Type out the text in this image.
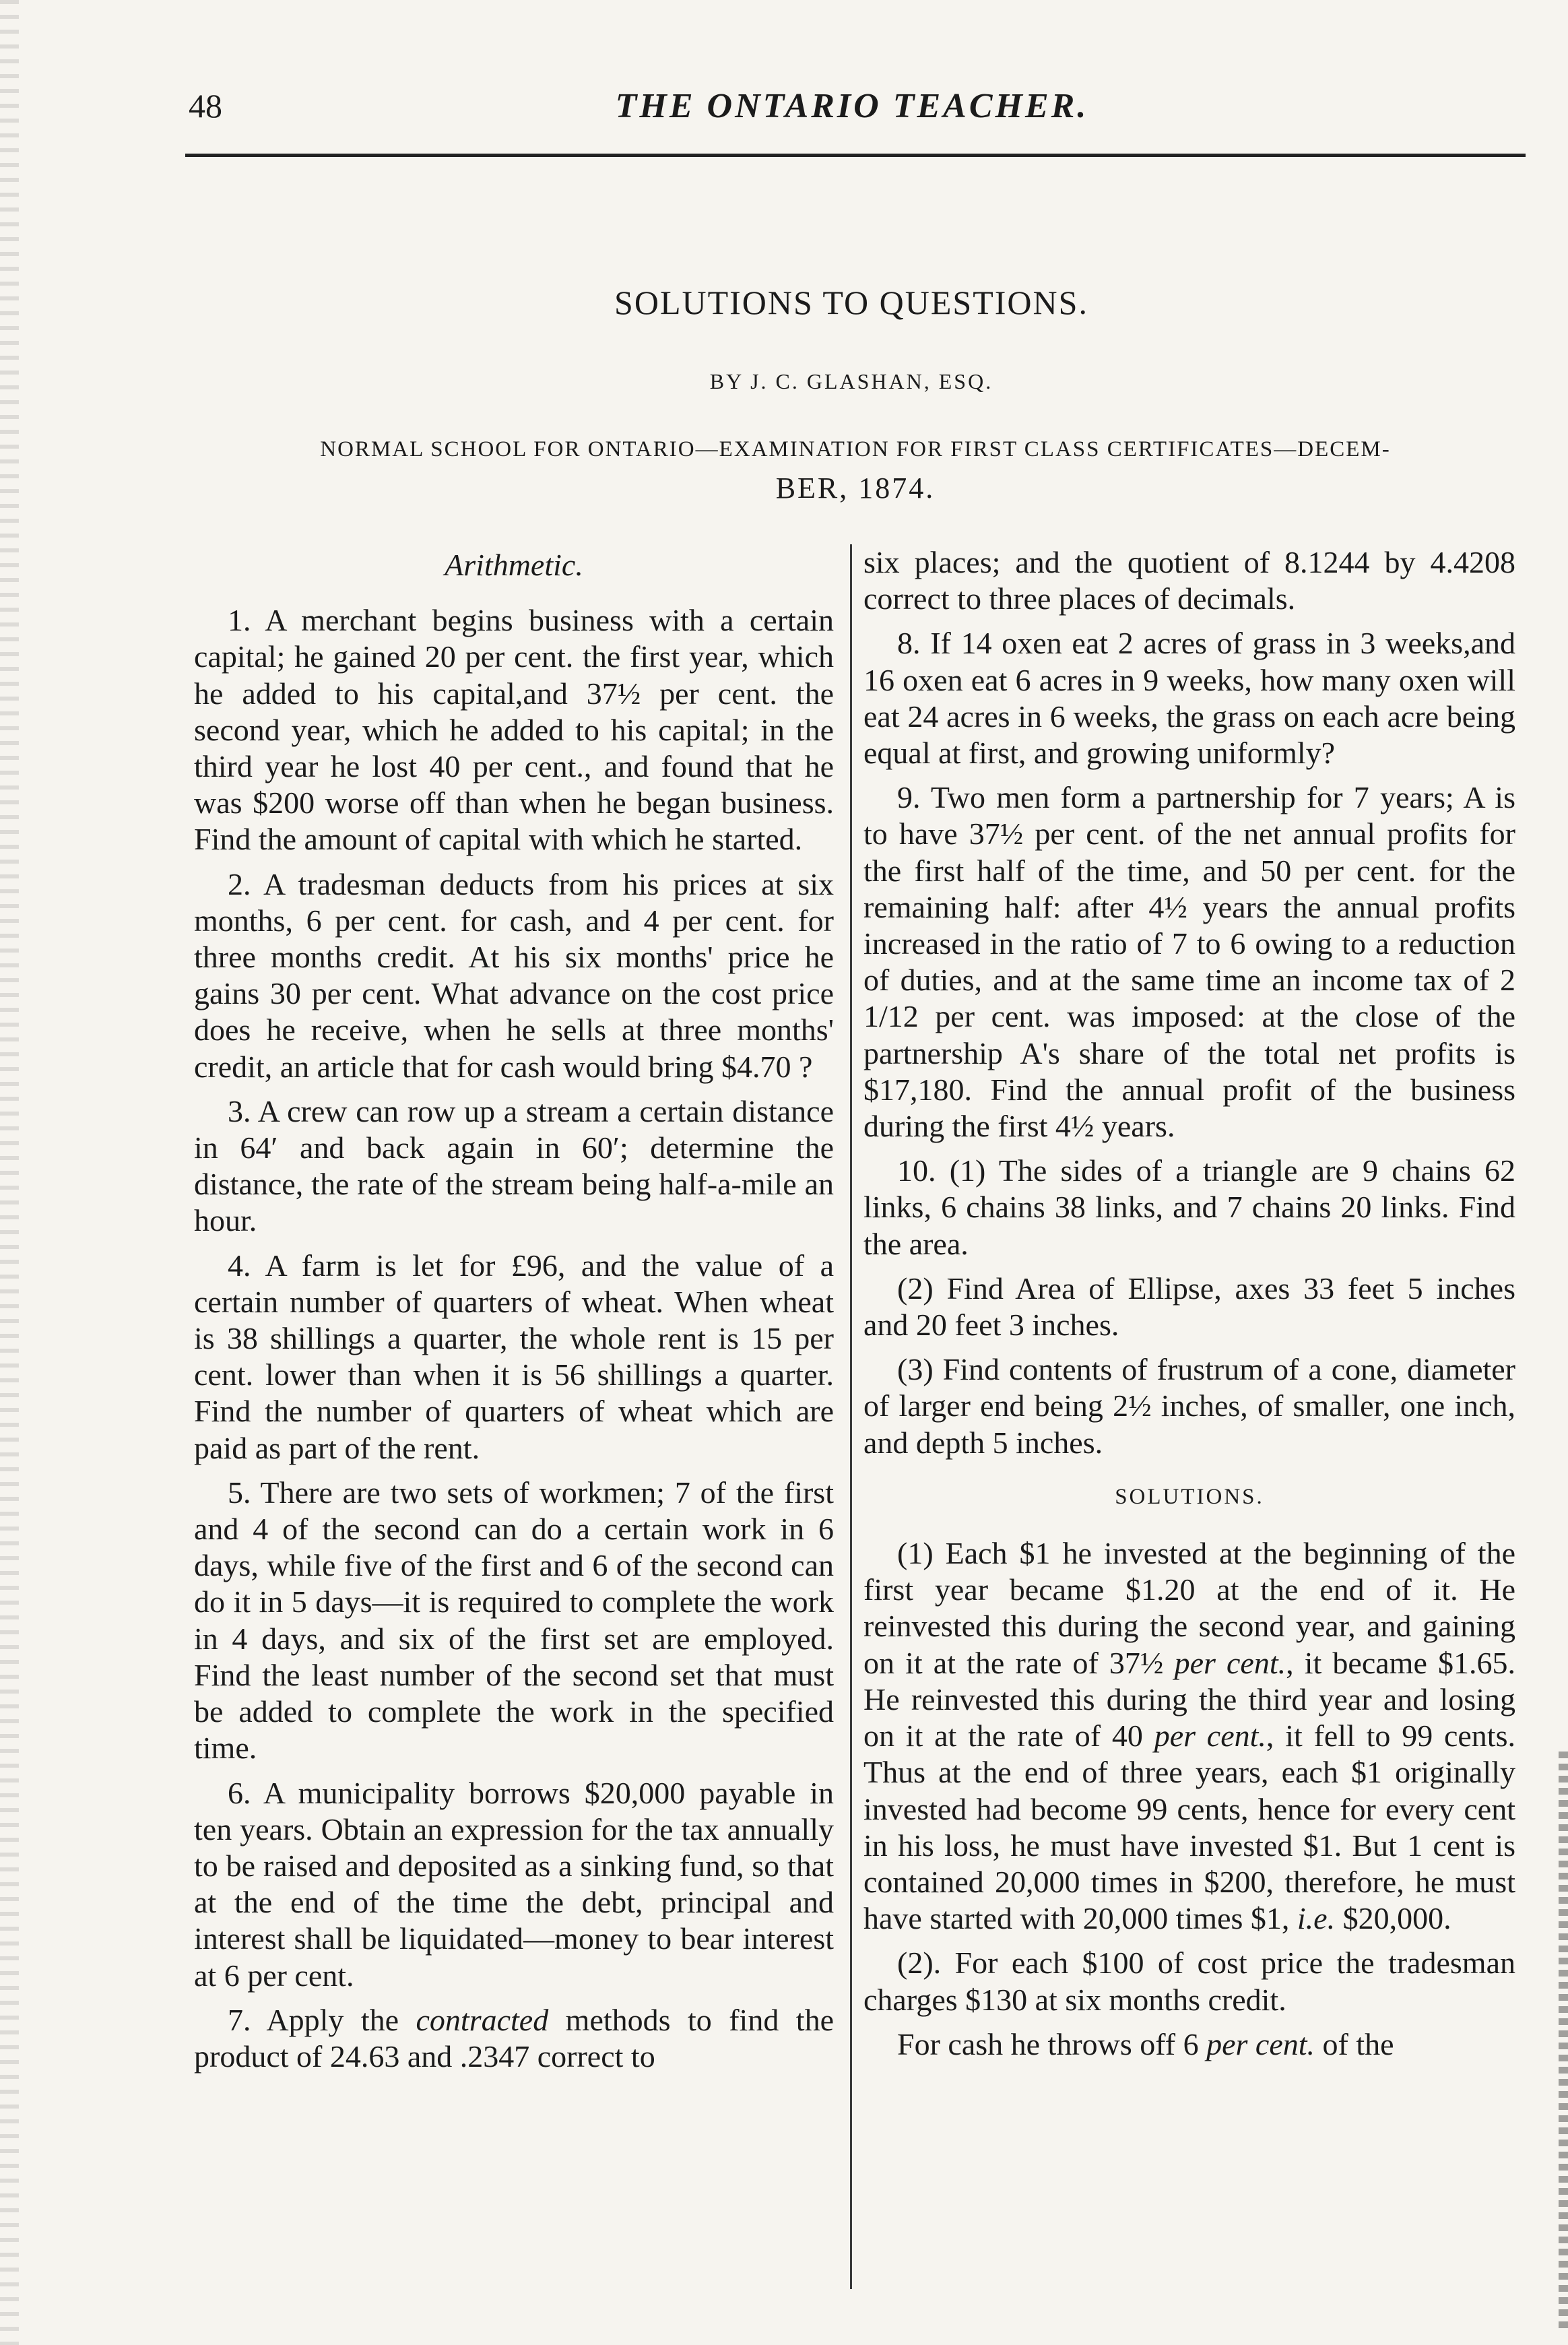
48	THE ONTARIO TEACHER.
SOLUTIONS TO QUESTIONS.
BY J. C. GLASHAN, ESQ.
NORMAL SCHOOL FOR ONTARIO—EXAMINATION FOR FIRST CLASS CERTIFICATES—DECEM-
BER, 1874.
Arithmetic.

1. A merchant begins business with a certain capital; he gained 20 per cent. the first year, which he added to his capital,and 37½ per cent. the second year, which he added to his capital; in the third year he lost 40 per cent., and found that he was $200 worse off than when he began business. Find the amount of capital with which he started.

2. A tradesman deducts from his prices at six months, 6 per cent. for cash, and 4 per cent. for three months credit. At his six months' price he gains 30 per cent. What advance on the cost price does he receive, when he sells at three months' credit, an article that for cash would bring $4.70 ?

3. A crew can row up a stream a certain distance in 64′ and back again in 60′; determine the distance, the rate of the stream being half-a-mile an hour.

4. A farm is let for £96, and the value of a certain number of quarters of wheat. When wheat is 38 shillings a quarter, the whole rent is 15 per cent. lower than when it is 56 shillings a quarter. Find the number of quarters of wheat which are paid as part of the rent.

5. There are two sets of workmen; 7 of the first and 4 of the second can do a certain work in 6 days, while five of the first and 6 of the second can do it in 5 days—it is required to complete the work in 4 days, and six of the first set are employed. Find the least number of the second set that must be added to complete the work in the specified time.

6. A municipality borrows $20,000 payable in ten years. Obtain an expression for the tax annually to be raised and deposited as a sinking fund, so that at the end of the time the debt, principal and interest shall be liquidated—money to bear interest at 6 per cent.

7. Apply the contracted methods to find the product of 24.63 and .2347 correct to

six places; and the quotient of 8.1244 by 4.4208 correct to three places of decimals.

8. If 14 oxen eat 2 acres of grass in 3 weeks,and 16 oxen eat 6 acres in 9 weeks, how many oxen will eat 24 acres in 6 weeks, the grass on each acre being equal at first, and growing uniformly?

9. Two men form a partnership for 7 years; A is to have 37½ per cent. of the net annual profits for the first half of the time, and 50 per cent. for the remaining half: after 4½ years the annual profits increased in the ratio of 7 to 6 owing to a reduction of duties, and at the same time an income tax of 2 1/12 per cent. was imposed: at the close of the partnership A's share of the total net profits is $17,180. Find the annual profit of the business during the first 4½ years.

10. (1) The sides of a triangle are 9 chains 62 links, 6 chains 38 links, and 7 chains 20 links. Find the area.

(2) Find Area of Ellipse, axes 33 feet 5 inches and 20 feet 3 inches.

(3) Find contents of frustrum of a cone, diameter of larger end being 2½ inches, of smaller, one inch, and depth 5 inches.

SOLUTIONS.

(1) Each $1 he invested at the beginning of the first year became $1.20 at the end of it. He reinvested this during the second year, and gaining on it at the rate of 37½ per cent., it became $1.65. He reinvested this during the third year and losing on it at the rate of 40 per cent., it fell to 99 cents. Thus at the end of three years, each $1 originally invested had become 99 cents, hence for every cent in his loss, he must have invested $1. But 1 cent is contained 20,000 times in $200, therefore, he must have started with 20,000 times $1, i.e. $20,000.

(2). For each $100 of cost price the tradesman charges $130 at six months credit.

For cash he throws off 6 per cent. of the
